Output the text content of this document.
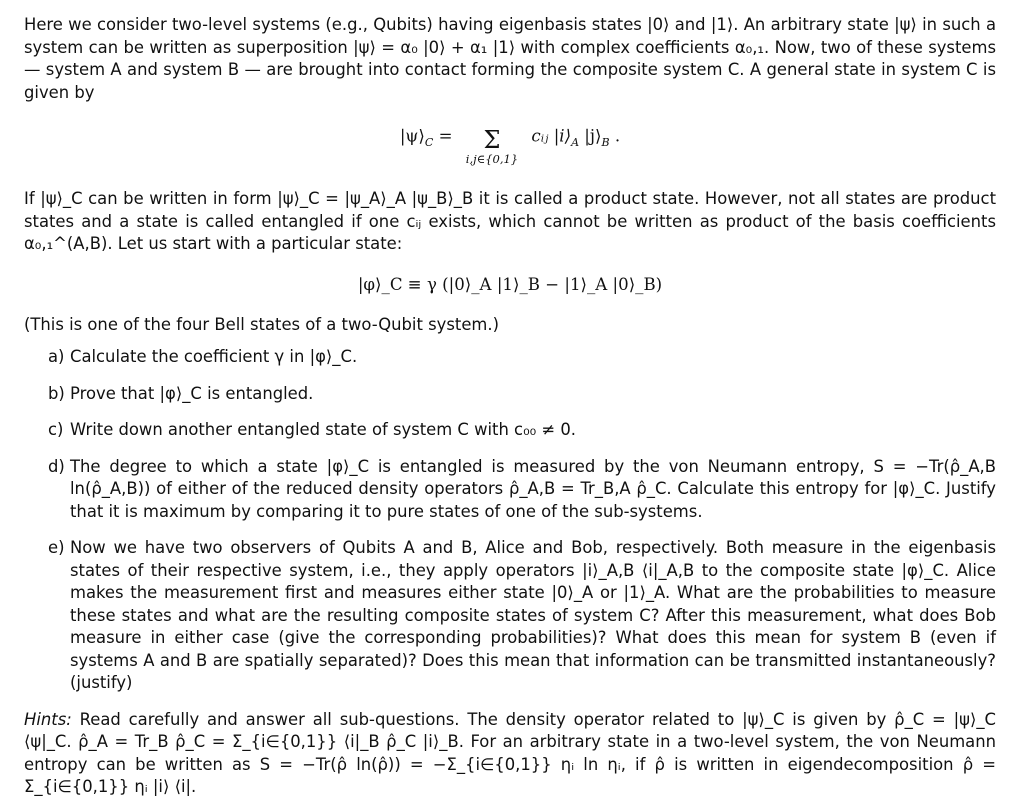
Here we consider two-level systems (e.g., Qubits) having eigenbasis states |0⟩ and |1⟩. An arbitrary state |ψ⟩ in such a system can be written as superposition |ψ⟩ = α₀ |0⟩ + α₁ |1⟩ with complex coefficients α₀,₁. Now, two of these systems — system A and system B — are brought into contact forming the composite system C. A general state in system C is given by

$|\psi⟩_C$ =	Σ
i,j∈{0,1}
cᵢⱼ $|i⟩_A$ $|j⟩_B$ .

If |ψ⟩_C can be written in form |ψ⟩_C = |ψ_A⟩_A |ψ_B⟩_B it is called a product state. However, not all states are product states and a state is called entangled if one cᵢⱼ exists, which cannot be written as product of the basis coefficients α₀,₁^(A,B). Let us start with a particular state:

|φ⟩_C ≡ γ (|0⟩_A |1⟩_B − |1⟩_A |0⟩_B)

(This is one of the four Bell states of a two-Qubit system.)

a) Calculate the coefficient γ in |φ⟩_C.
b) Prove that |φ⟩_C is entangled.
c) Write down another entangled state of system C with c₀₀ ≠ 0.
d) The degree to which a state |φ⟩_C is entangled is measured by the von Neumann entropy, S = −Tr(ρ̂_A,B ln(ρ̂_A,B)) of either of the reduced density operators ρ̂_A,B = Tr_B,A ρ̂_C. Calculate this entropy for |φ⟩_C. Justify that it is maximum by comparing it to pure states of one of the sub-systems.
e) Now we have two observers of Qubits A and B, Alice and Bob, respectively. Both measure in the eigenbasis states of their respective system, i.e., they apply operators |i⟩_A,B ⟨i|_A,B to the composite state |φ⟩_C. Alice makes the measurement first and measures either state |0⟩_A or |1⟩_A. What are the probabilities to measure these states and what are the resulting composite states of system C? After this measurement, what does Bob measure in either case (give the corresponding probabilities)? What does this mean for system B (even if systems A and B are spatially separated)? Does this mean that information can be transmitted instantaneously? (justify)

Hints: Read carefully and answer all sub-questions. The density operator related to |ψ⟩_C is given by ρ̂_C = |ψ⟩_C ⟨ψ|_C. ρ̂_A = Tr_B ρ̂_C = Σ_{i∈{0,1}} ⟨i|_B ρ̂_C |i⟩_B. For an arbitrary state in a two-level system, the von Neumann entropy can be written as S = −Tr(ρ̂ ln(ρ̂)) = −Σ_{i∈{0,1}} ηᵢ ln ηᵢ, if ρ̂ is written in eigendecomposition ρ̂ = Σ_{i∈{0,1}} ηᵢ |i⟩ ⟨i|.
